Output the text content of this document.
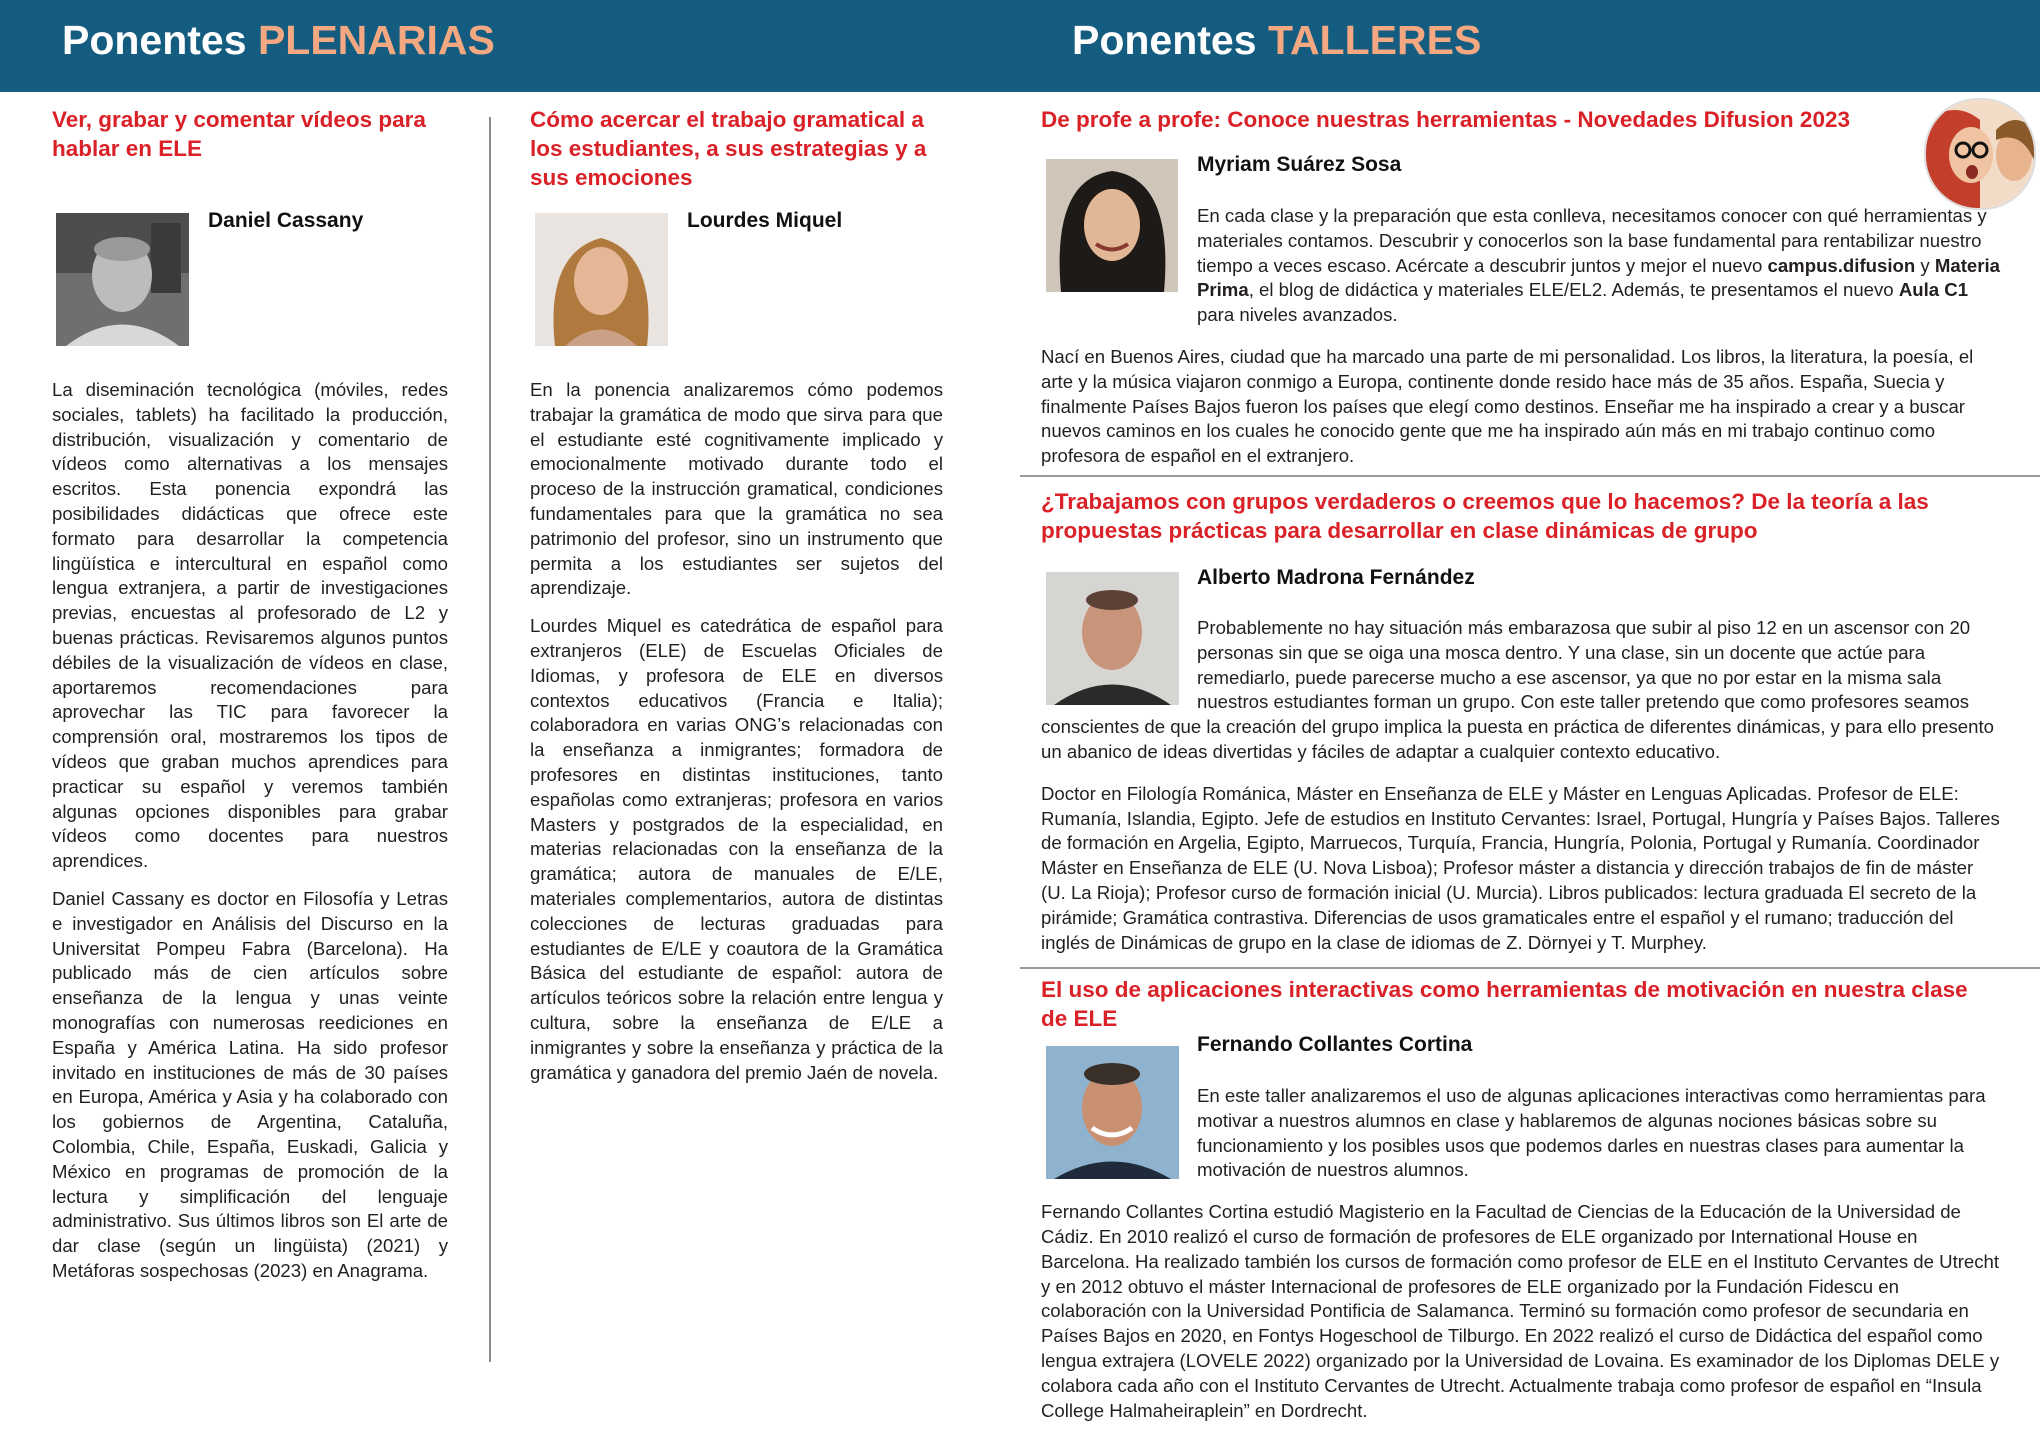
Ponentes PLENARIAS	Ponentes TALLERES
Ver, grabar y comentar vídeos para hablar en ELE
Daniel Cassany

La diseminación tecnológica (móviles, redes sociales, tablets) ha facilitado la producción, distribución, visualización y comentario de vídeos como alternativas a los mensajes escritos. Esta ponencia expondrá las posibilidades didácticas que ofrece este formato para desarrollar la competencia lingüística e intercultural en español como lengua extranjera, a partir de investigaciones previas, encuestas al profesorado de L2 y buenas prácticas. Revisaremos algunos puntos débiles de la visualización de vídeos en clase, aportaremos recomendaciones para aprovechar las TIC para favorecer la comprensión oral, mostraremos los tipos de vídeos que graban muchos aprendices para practicar su español y veremos también algunas opciones disponibles para grabar vídeos como docentes para nuestros aprendices.

Daniel Cassany es doctor en Filosofía y Letras e investigador en Análisis del Discurso en la Universitat Pompeu Fabra (Barcelona). Ha publicado más de cien artículos sobre enseñanza de la lengua y unas veinte monografías con numerosas reediciones en España y América Latina. Ha sido profesor invitado en instituciones de más de 30 países en Europa, América y Asia y ha colaborado con los gobiernos de Argentina, Cataluña, Colombia, Chile, España, Euskadi, Galicia y México en programas de promoción de la lectura y simplificación del lenguaje administrativo. Sus últimos libros son El arte de dar clase (según un lingüista) (2021) y Metáforas sospechosas (2023) en Anagrama.

Cómo acercar el trabajo gramatical a los estudiantes, a sus estrategias y a sus emociones
Lourdes Miquel

En la ponencia analizaremos cómo podemos trabajar la gramática de modo que sirva para que el estudiante esté cognitivamente implicado y emocionalmente motivado durante todo el proceso de la instrucción gramatical, condiciones fundamentales para que la gramática no sea patrimonio del profesor, sino un instrumento que permita a los estudiantes ser sujetos del aprendizaje.

Lourdes Miquel es catedrática de español para extranjeros (ELE) de Escuelas Oficiales de Idiomas, y profesora de ELE en diversos contextos educativos (Francia e Italia); colaboradora en varias ONG’s relacionadas con la enseñanza a inmigrantes; formadora de profesores en distintas instituciones, tanto españolas como extranjeras; profesora en varios Masters y postgrados de la especialidad, en materias relacionadas con la enseñanza de la gramática; autora de manuales de E/LE, materiales complementarios, autora de distintas colecciones de lecturas graduadas para estudiantes de E/LE y coautora de la Gramática Básica del estudiante de español: autora de artículos teóricos sobre la relación entre lengua y cultura, sobre la enseñanza de E/LE a inmigrantes y sobre la enseñanza y práctica de la gramática y ganadora del premio Jaén de novela.

De profe a profe: Conoce nuestras herramientas - Novedades Difusion 2023
Myriam Suárez Sosa

En cada clase y la preparación que esta conlleva, necesitamos conocer con qué herramientas y materiales contamos. Descubrir y conocerlos son la base fundamental para rentabilizar nuestro tiempo a veces escaso. Acércate a descubrir juntos y mejor el nuevo campus.difusion y Materia Prima, el blog de didáctica y materiales ELE/EL2. Además, te presentamos el nuevo Aula C1 para niveles avanzados.

Nací en Buenos Aires, ciudad que ha marcado una parte de mi personalidad. Los libros, la literatura, la poesía, el arte y la música viajaron conmigo a Europa, continente donde resido hace más de 35 años. España, Suecia y finalmente Países Bajos fueron los países que elegí como destinos. Enseñar me ha inspirado a crear y a buscar nuevos caminos en los cuales he conocido gente que me ha inspirado aún más en mi trabajo continuo como profesora de español en el extranjero.

¿Trabajamos con grupos verdaderos o creemos que lo hacemos? De la teoría a las propuestas prácticas para desarrollar en clase dinámicas de grupo
Alberto Madrona Fernández

Probablemente no hay situación más embarazosa que subir al piso 12 en un ascensor con 20 personas sin que se oiga una mosca dentro. Y una clase, sin un docente que actúe para remediarlo, puede parecerse mucho a ese ascensor, ya que no por estar en la misma sala nuestros estudiantes forman un grupo. Con este taller pretendo que como profesores seamos conscientes de que la creación del grupo implica la puesta en práctica de diferentes dinámicas, y para ello presento un abanico de ideas divertidas y fáciles de adaptar a cualquier contexto educativo.

Doctor en Filología Románica, Máster en Enseñanza de ELE y Máster en Lenguas Aplicadas. Profesor de ELE: Rumanía, Islandia, Egipto. Jefe de estudios en Instituto Cervantes: Israel, Portugal, Hungría y Países Bajos. Talleres de formación en Argelia, Egipto, Marruecos, Turquía, Francia, Hungría, Polonia, Portugal y Rumanía. Coordinador Máster en Enseñanza de ELE (U. Nova Lisboa); Profesor máster a distancia y dirección trabajos de fin de máster (U. La Rioja); Profesor curso de formación inicial (U. Murcia). Libros publicados: lectura graduada El secreto de la pirámide; Gramática contrastiva. Diferencias de usos gramaticales entre el español y el rumano; traducción del inglés de Dinámicas de grupo en la clase de idiomas de Z. Dörnyei y T. Murphey.

El uso de aplicaciones interactivas como herramientas de motivación en nuestra clase de ELE
Fernando Collantes Cortina

En este taller analizaremos el uso de algunas aplicaciones interactivas como herramientas para motivar a nuestros alumnos en clase y hablaremos de algunas nociones básicas sobre su funcionamiento y los posibles usos que podemos darles en nuestras clases para aumentar la motivación de nuestros alumnos.

Fernando Collantes Cortina estudió Magisterio en la Facultad de Ciencias de la Educación de la Universidad de Cádiz. En 2010 realizó el curso de formación de profesores de ELE organizado por International House en Barcelona. Ha realizado también los cursos de formación como profesor de ELE en el Instituto Cervantes de Utrecht y en 2012 obtuvo el máster Internacional de profesores de ELE organizado por la Fundación Fidescu en colaboración con la Universidad Pontificia de Salamanca. Terminó su formación como profesor de secundaria en Países Bajos en 2020, en Fontys Hogeschool de Tilburgo. En 2022 realizó el curso de Didáctica del español como lengua extrajera (LOVELE 2022) organizado por la Universidad de Lovaina. Es examinador de los Diplomas DELE y colabora cada año con el Instituto Cervantes de Utrecht. Actualmente trabaja como profesor de español en “Insula College Halmaheiraplein” en Dordrecht.
